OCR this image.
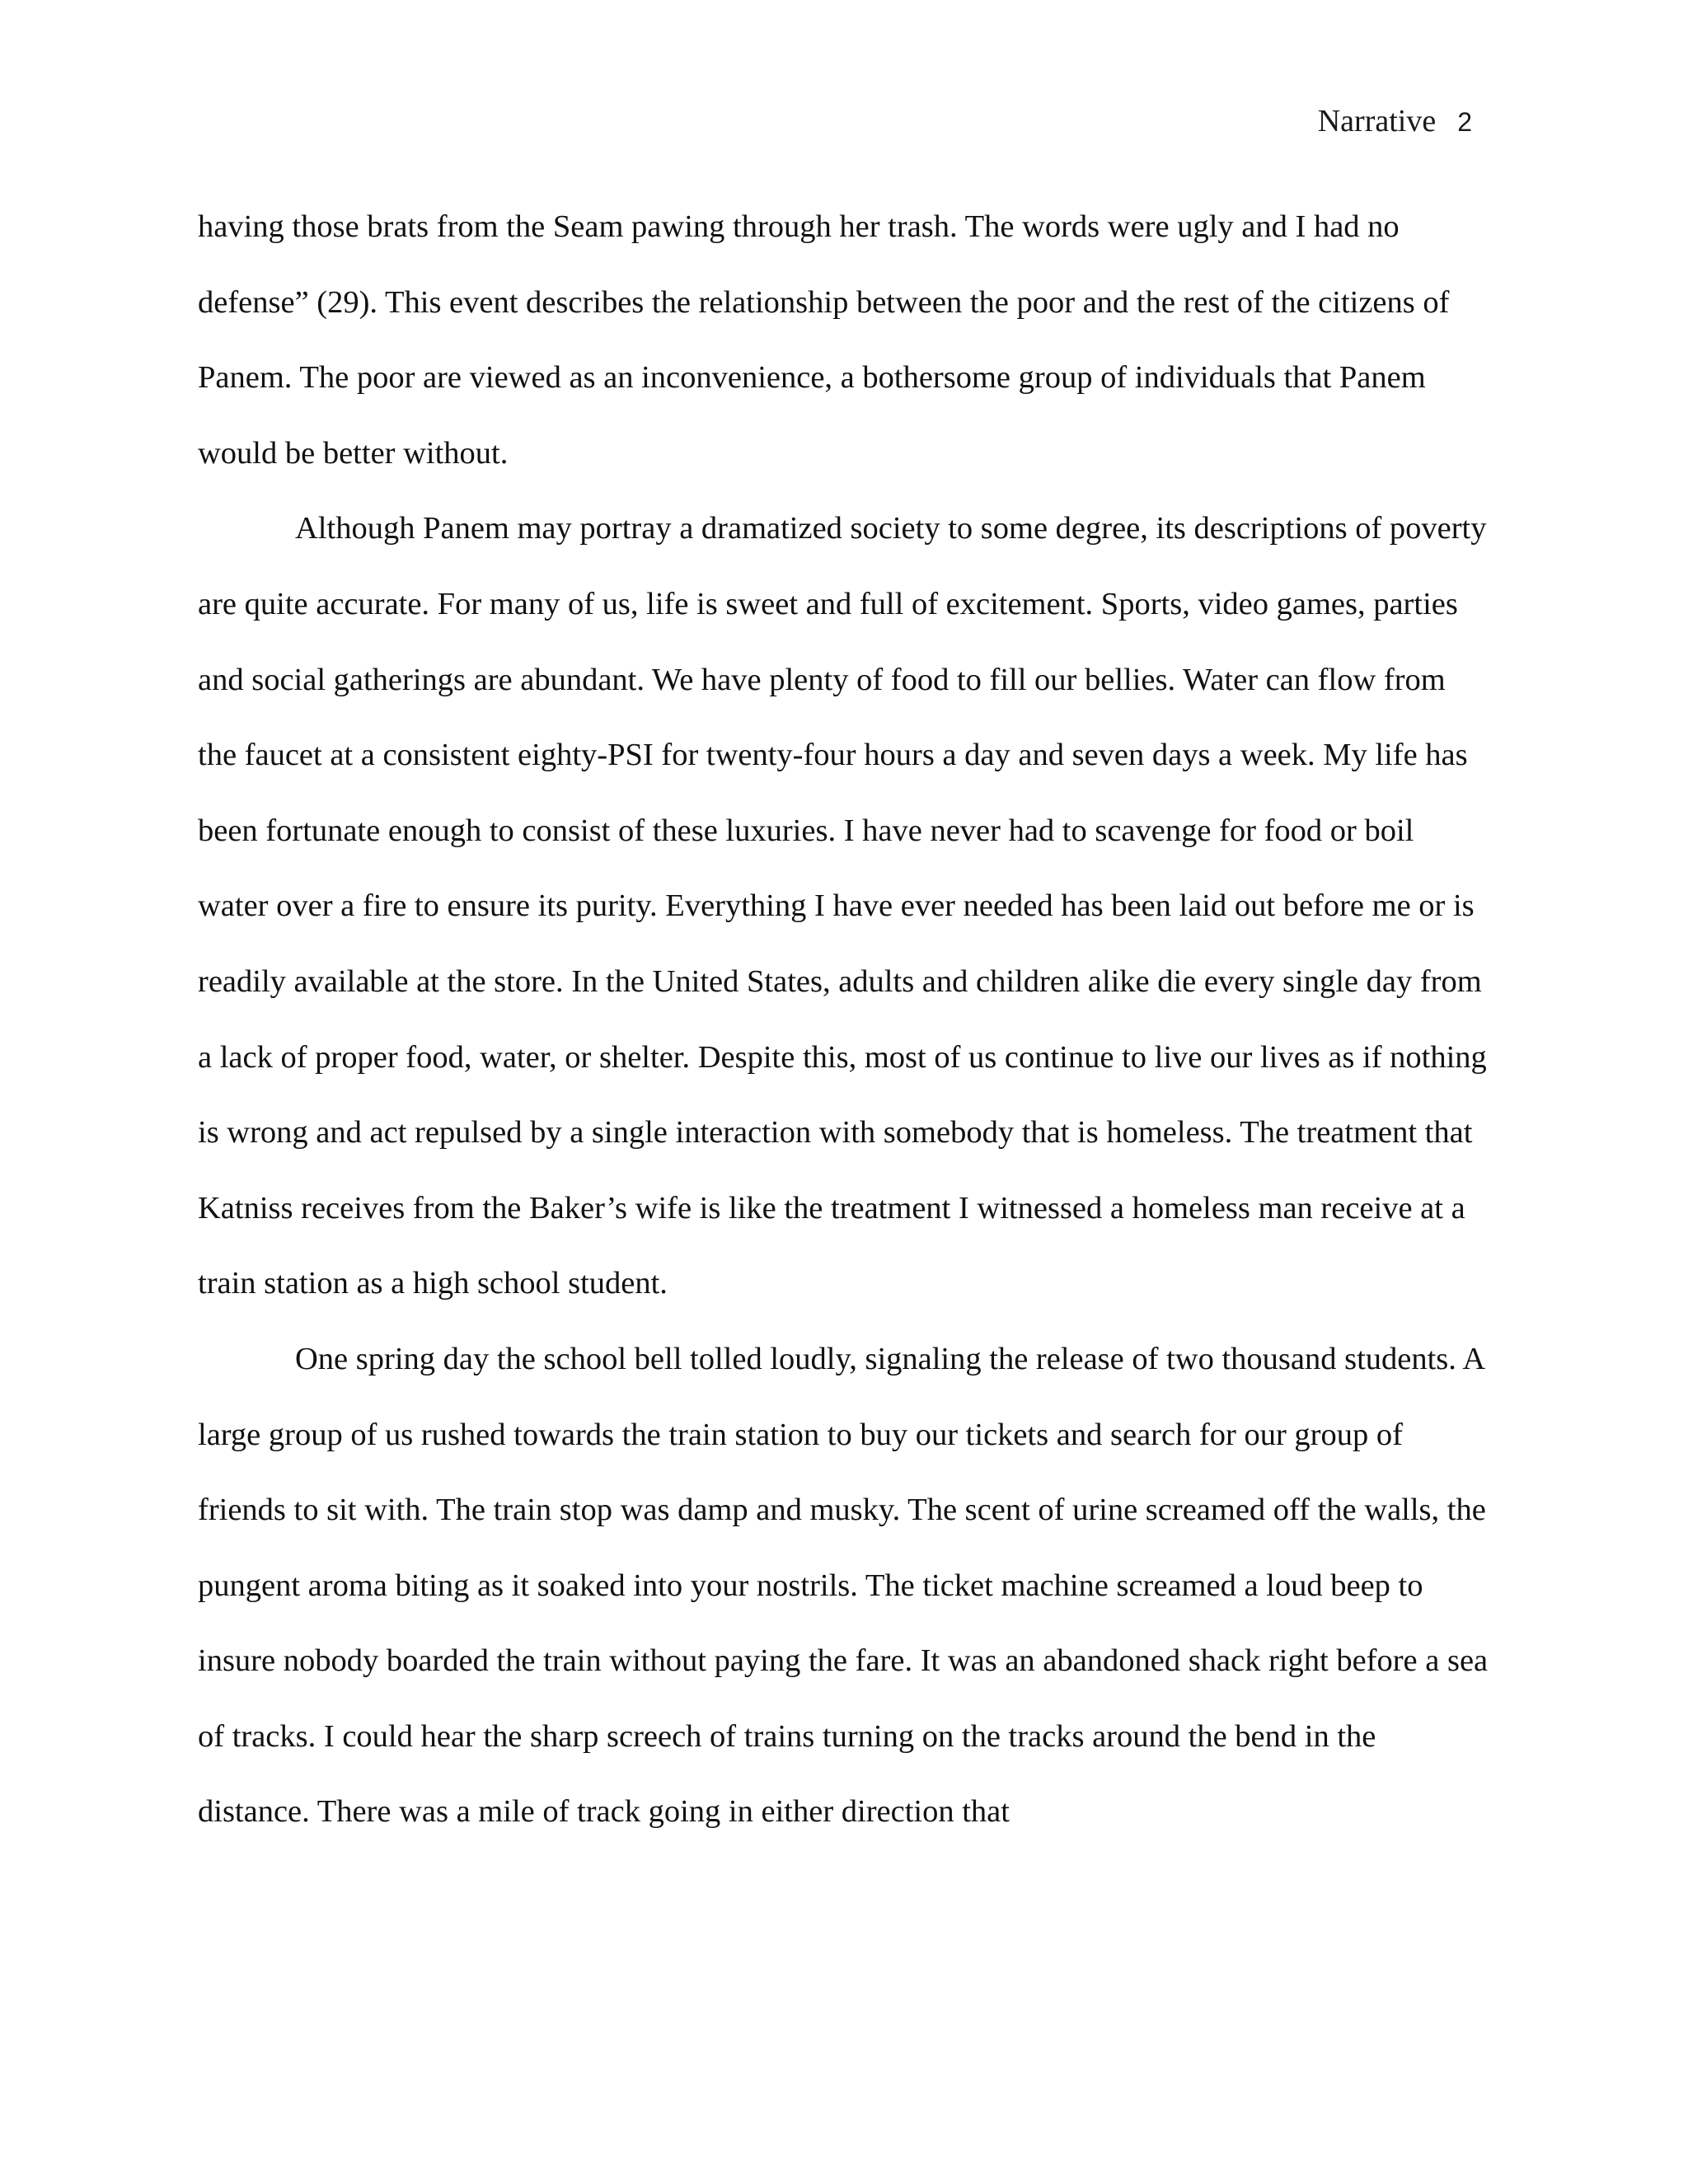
Narrative 2

having those brats from the Seam pawing through her trash. The words were ugly and I had no defense” (29). This event describes the relationship between the poor and the rest of the citizens of Panem. The poor are viewed as an inconvenience, a bothersome group of individuals that Panem would be better without.

Although Panem may portray a dramatized society to some degree, its descriptions of poverty are quite accurate. For many of us, life is sweet and full of excitement. Sports, video games, parties and social gatherings are abundant. We have plenty of food to fill our bellies. Water can flow from the faucet at a consistent eighty-PSI for twenty-four hours a day and seven days a week. My life has been fortunate enough to consist of these luxuries. I have never had to scavenge for food or boil water over a fire to ensure its purity. Everything I have ever needed has been laid out before me or is readily available at the store. In the United States, adults and children alike die every single day from a lack of proper food, water, or shelter. Despite this, most of us continue to live our lives as if nothing is wrong and act repulsed by a single interaction with somebody that is homeless. The treatment that Katniss receives from the Baker’s wife is like the treatment I witnessed a homeless man receive at a train station as a high school student.

One spring day the school bell tolled loudly, signaling the release of two thousand students. A large group of us rushed towards the train station to buy our tickets and search for our group of friends to sit with. The train stop was damp and musky. The scent of urine screamed off the walls, the pungent aroma biting as it soaked into your nostrils. The ticket machine screamed a loud beep to insure nobody boarded the train without paying the fare. It was an abandoned shack right before a sea of tracks. I could hear the sharp screech of trains turning on the tracks around the bend in the distance. There was a mile of track going in either direction that
